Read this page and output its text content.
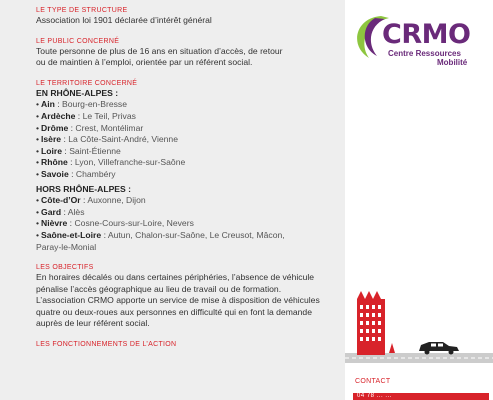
LE TYPE DE STRUCTURE

Association loi 1901 déclarée d’intérêt général

LE PUBLIC CONCERNÉ

Toute personne de plus de 16 ans en situation d’accès, de retour

ou de maintien à l’emploi, orientée par un référent social.

LE TERRITOIRE CONCERNÉ

EN RHÔNE-ALPES :

• Ain : Bourg-en-Bresse
• Ardèche : Le Teil, Privas
• Drôme : Crest, Montélimar
• Isère : La Côte-Saint-André, Vienne
• Loire : Saint-Étienne
• Rhône : Lyon, Villefranche-sur-Saône
• Savoie : Chambéry

HORS RHÔNE-ALPES :

• Côte-d’Or : Auxonne, Dijon
• Gard : Alès
• Nièvre : Cosne-Cours-sur-Loire, Nevers
• Saône-et-Loire : Autun, Chalon-sur-Saône, Le Creusot, Mâcon,
Paray-le-Monial

LES OBJECTIFS

En horaires décalés ou dans certaines périphéries, l’absence de véhicule

pénalise l’accès géographique au lieu de travail ou de formation.

L’association CRMO apporte un service de mise à disposition de véhicules

quatre ou deux-roues aux personnes en difficulté qui en font la demande

auprès de leur référent social.

LES FONCTIONNEMENTS DE L’ACTION

CRMO
Centre Ressources
Mobilité
CONTACT
04 78 ... ...
